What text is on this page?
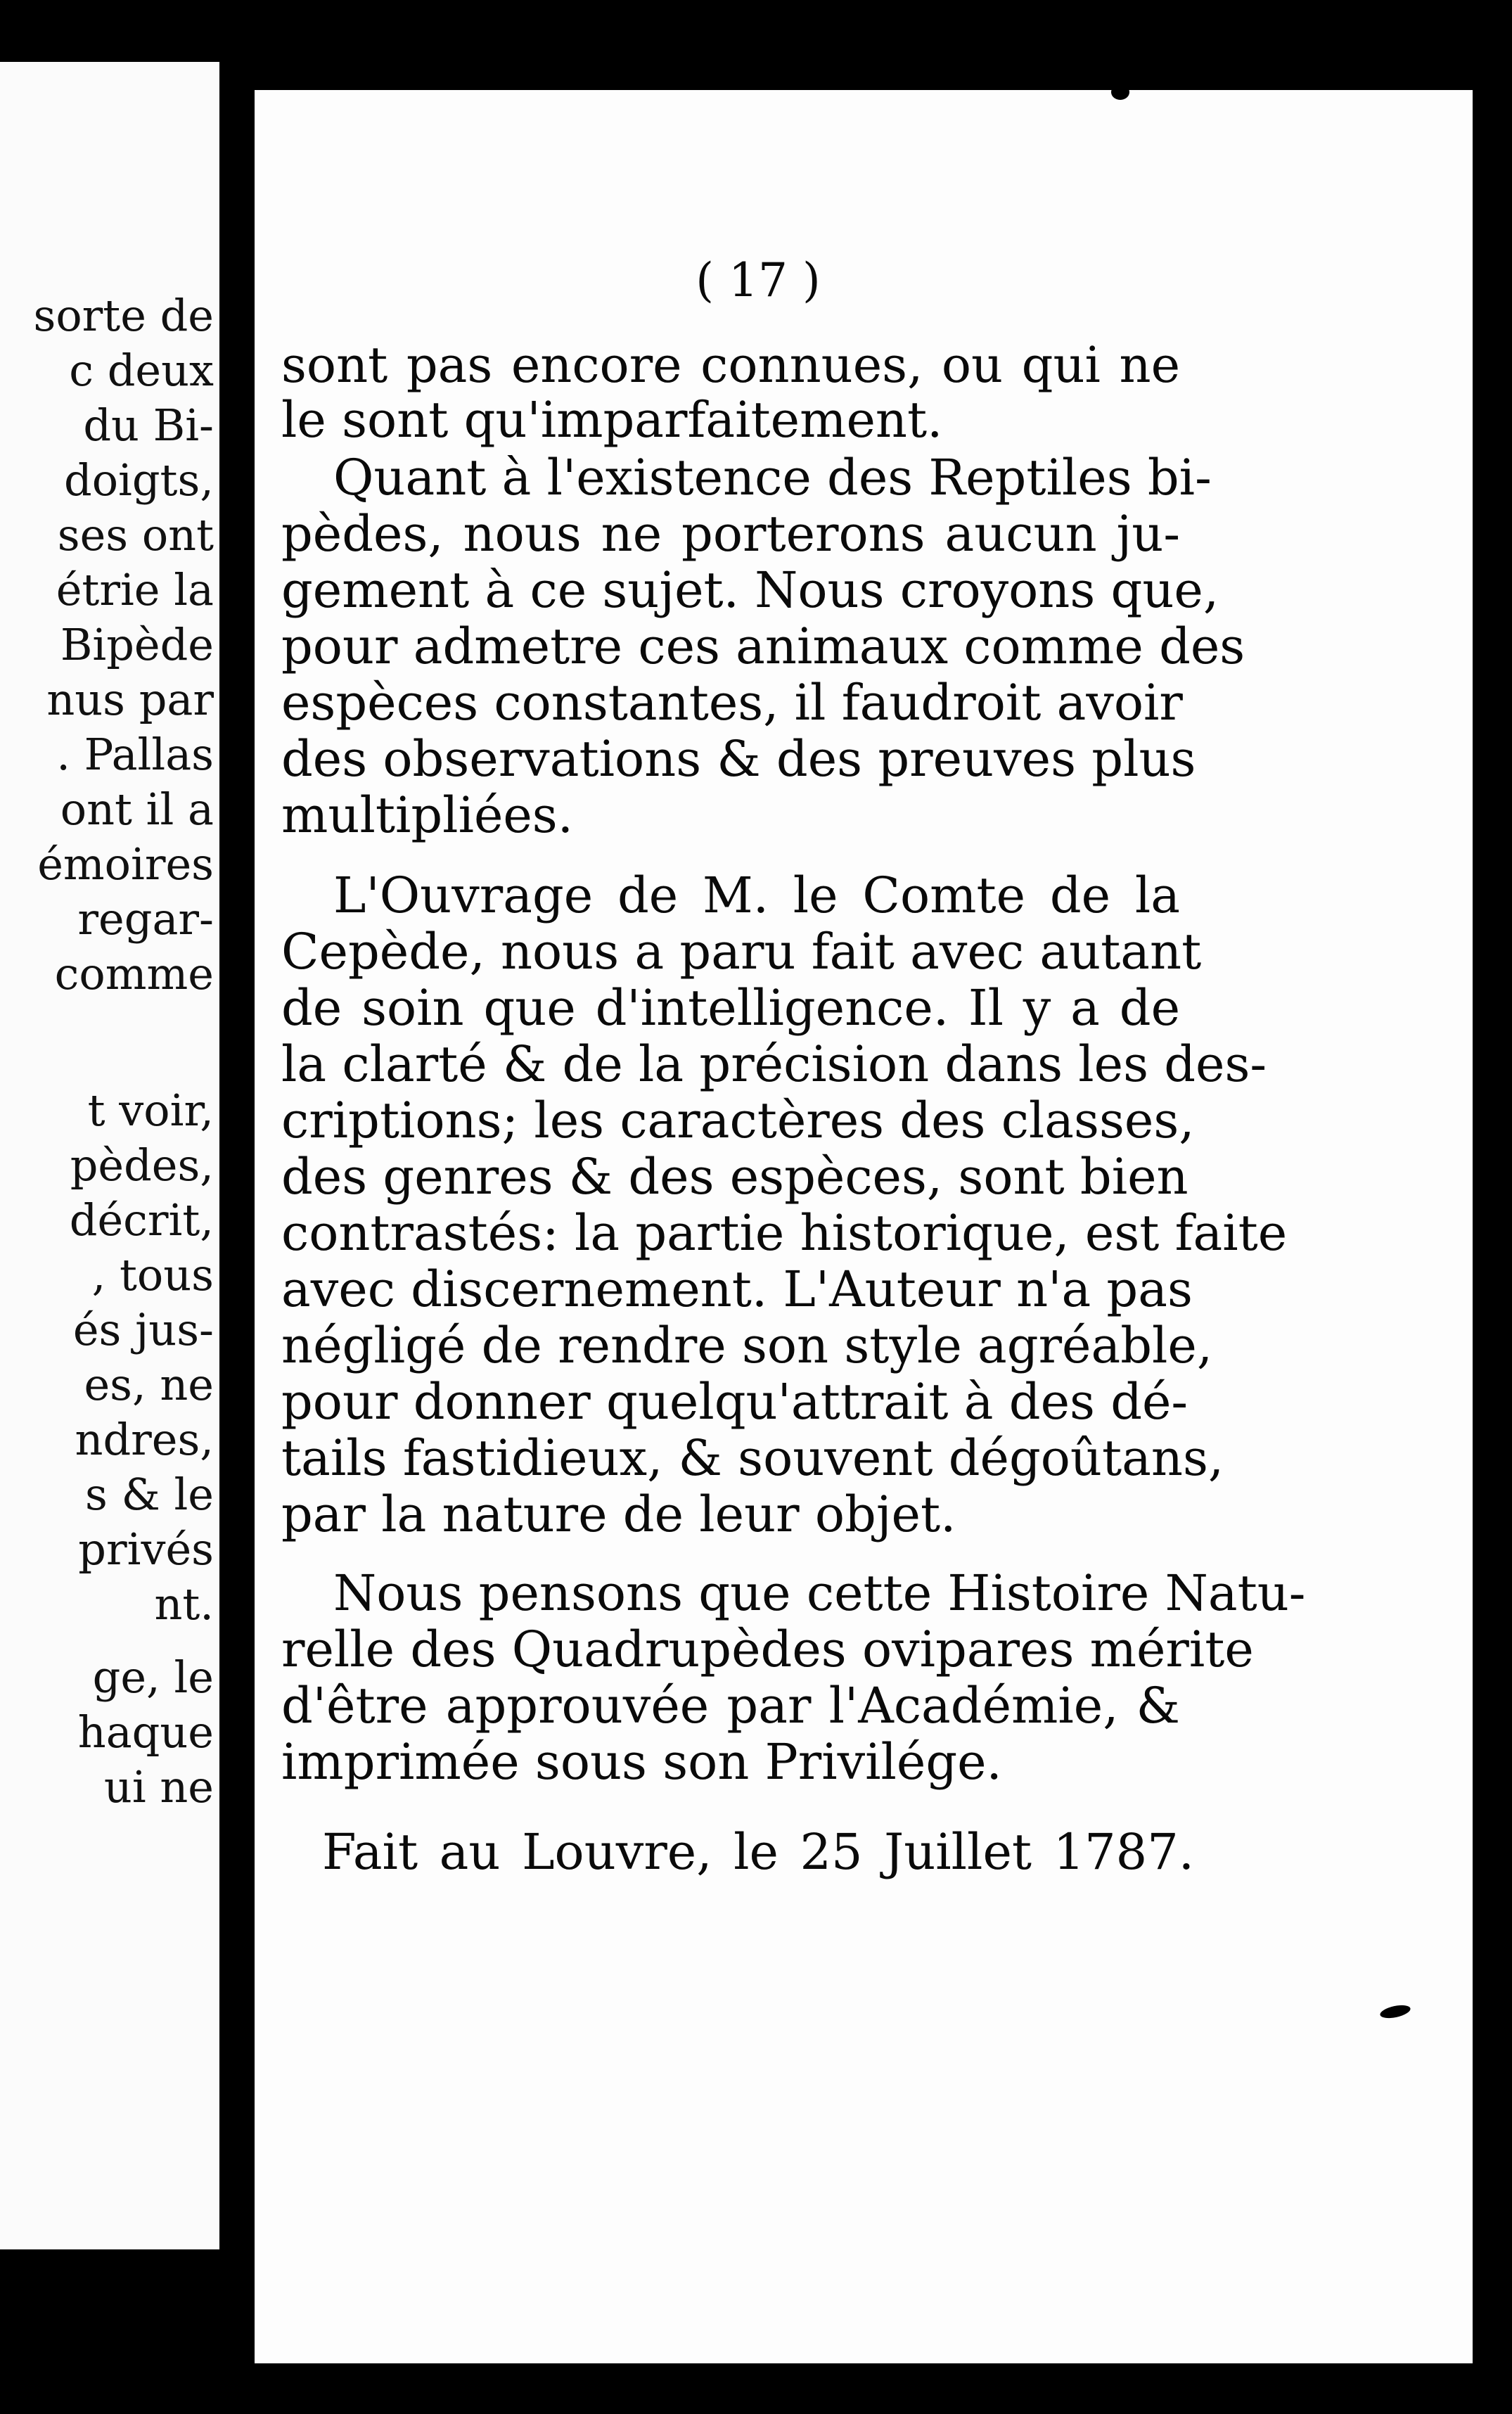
sorte de
c deux
du Bi-
doigts,
ses ont
étrie la
Bipède
nus par
. Pallas
ont il a
émoires
regar-
comme
t voir,
pèdes,
décrit,
, tous
és jus-
es, ne
ndres,
s & le
privés
nt.
ge, le
haque
ui ne
( 17 )
sont pas encore connues, ou qui ne
le sont qu'imparfaitement.
Quant à l'existence des Reptiles bi-
pèdes, nous ne porterons aucun ju-
gement à ce sujet. Nous croyons que,
pour admetre ces animaux comme des
espèces constantes, il faudroit avoir
des observations & des preuves plus
multipliées.
L'Ouvrage de M. le Comte de la
Cepède, nous a paru fait avec autant
de soin que d'intelligence. Il y a de
la clarté & de la précision dans les des-
criptions; les caractères des classes,
des genres & des espèces, sont bien
contrastés: la partie historique, est faite
avec discernement. L'Auteur n'a pas
négligé de rendre son style agréable,
pour donner quelqu'attrait à des dé-
tails fastidieux, & souvent dégoûtans,
par la nature de leur objet.
Nous pensons que cette Histoire Natu-
relle des Quadrupèdes ovipares mérite
d'être approuvée par l'Académie, &
imprimée sous son Privilége.
Fait au Louvre, le 25 Juillet 1787.
